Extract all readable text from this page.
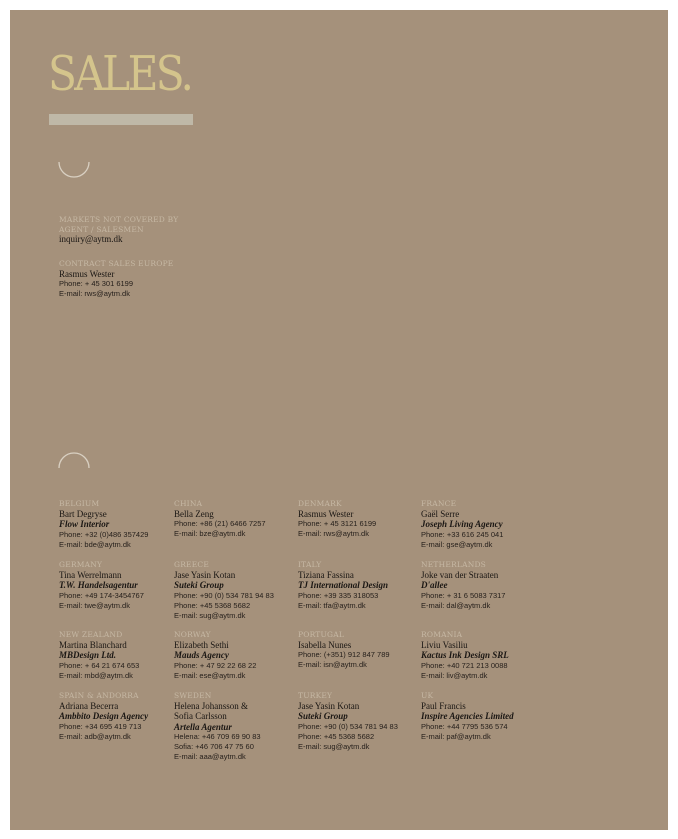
SALES.
MARKETS NOT COVERED BY AGENT / SALESMEN
inquiry@aytm.dk
CONTRACT SALES EUROPE
Rasmus Wester
Phone: + 45 301 6199
E-mail: rws@aytm.dk
BELGIUM
Bart Degryse
Flow Interior
Phone: +32 (0)486 357429
E-mail: bde@aytm.dk
CHINA
Bella Zeng
Phone: +86 (21) 6466 7257
E-mail: bze@aytm.dk
DENMARK
Rasmus Wester
Phone: + 45 3121 6199
E-mail: rws@aytm.dk
FRANCE
Gaël Serre
Joseph Living Agency
Phone: +33 616 245 041
E-mail: gse@aytm.dk
GERMANY
Tina Werrelmann
T.W. Handelsagentur
Phone: +49 174-3454767
E-mail: twe@aytm.dk
GREECE
Jase Yasin Kotan
Suteki Group
Phone: +90 (0) 534 781 94 83
Phone: +45 5368 5682
E-mail: sug@aytm.dk
ITALY
Tiziana Fassina
TJ International Design
Phone: +39 335 318053
E-mail: tfa@aytm.dk
NETHERLANDS
Joke van der Straaten
D'allee
Phone: + 31 6 5083 7317
E-mail: dal@aytm.dk
NEW ZEALAND
Martina Blanchard
MBDesign Ltd.
Phone: + 64 21 674 653
E-mail: mbd@aytm.dk
NORWAY
Elizabeth Sethi
Mauds Agency
Phone: + 47 92 22 68 22
E-mail: ese@aytm.dk
PORTUGAL
Isabella Nunes
Phone: (+351) 912 847 789
E-mail: isn@aytm.dk
ROMANIA
Liviu Vasiliu
Kactus Ink Design SRL
Phone: +40 721 213 0088
E-mail: liv@aytm.dk
SPAIN & ANDORRA
Adriana Becerra
Ambbito Design Agency
Phone: +34 695 419 713
E-mail: adb@aytm.dk
SWEDEN
Helena Johansson &
Sofia Carlsson
Artella Agentur
Helena: +46 709 69 90 83
Sofia: +46 706 47 75 60
E-mail: aaa@aytm.dk
TURKEY
Jase Yasin Kotan
Suteki Group
Phone: +90 (0) 534 781 94 83
Phone: +45 5368 5682
E-mail: sug@aytm.dk
UK
Paul Francis
Inspire Agencies Limited
Phone: +44 7795 536 574
E-mail: paf@aytm.dk
